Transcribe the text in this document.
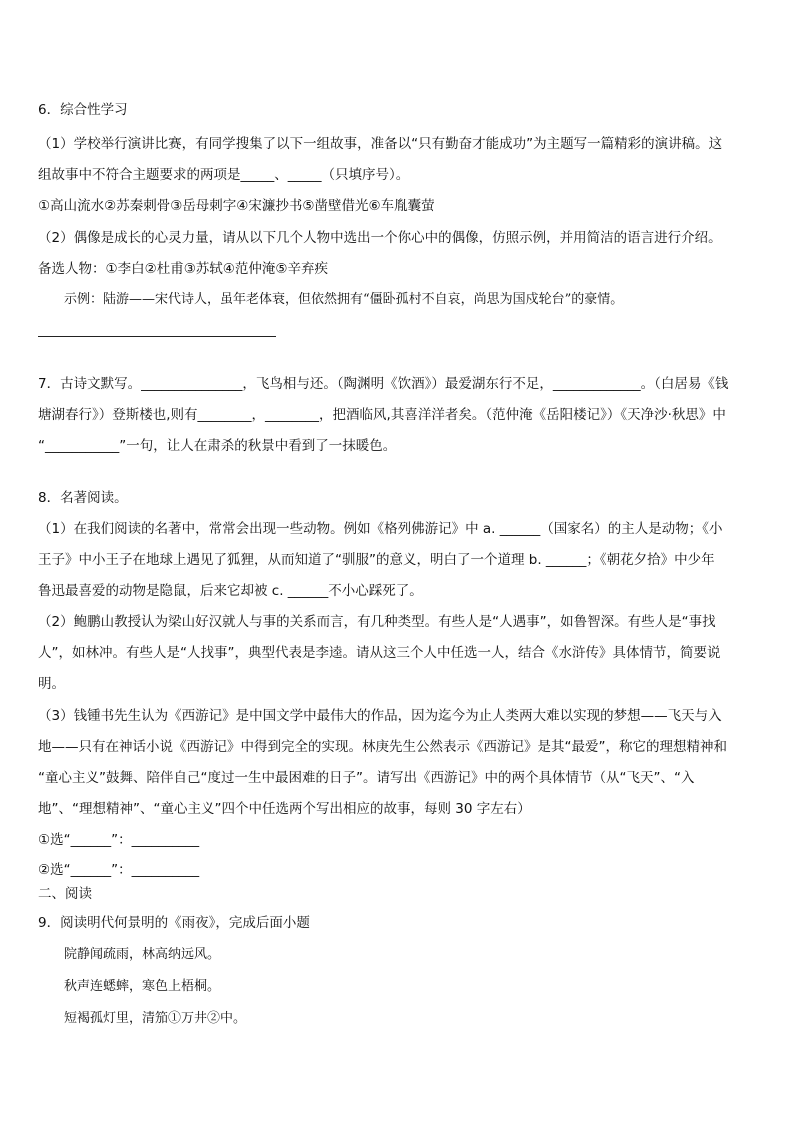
6．综合性学习
（1）学校举行演讲比赛，有同学搜集了以下一组故事，准备以“只有勤奋才能成功”为主题写一篇精彩的演讲稿。这
组故事中不符合主题要求的两项是_____、_____（只填序号）。
①高山流水②苏秦刺骨③岳母刺字④宋濂抄书⑤凿壁借光⑥车胤囊萤
（2）偶像是成长的心灵力量，请从以下几个人物中选出一个你心中的偶像，仿照示例，并用简洁的语言进行介绍。
备选人物：①李白②杜甫③苏轼④范仲淹⑤辛弃疾
示例：陆游——宋代诗人，虽年老体衰，但依然拥有“僵卧孤村不自哀，尚思为国戍轮台”的豪情。
7．古诗文默写。_______________，飞鸟相与还。（陶渊明《饮酒》）最爱湖东行不足，_____________。（白居易《钱
塘湖春行》）登斯楼也,则有________，________，把酒临风,其喜洋洋者矣。（范仲淹《岳阳楼记》）《天净沙·秋思》中
“___________”一句，让人在肃杀的秋景中看到了一抹暖色。
8．名著阅读。
（1）在我们阅读的名著中，常常会出现一些动物。例如《格列佛游记》中 a. ______（国家名）的主人是动物；《小
王子》中小王子在地球上遇见了狐狸，从而知道了“驯服”的意义，明白了一个道理 b. ______；《朝花夕拾》中少年
鲁迅最喜爱的动物是隐鼠，后来它却被 c. ______不小心踩死了。
（2）鲍鹏山教授认为梁山好汉就人与事的关系而言，有几种类型。有些人是“人遇事”，如鲁智深。有些人是“事找
人”，如林冲。有些人是“人找事”，典型代表是李逵。请从这三个人中任选一人，结合《水浒传》具体情节，简要说
明。
（3）钱锺书先生认为《西游记》是中国文学中最伟大的作品，因为迄今为止人类两大难以实现的梦想——飞天与入
地——只有在神话小说《西游记》中得到完全的实现。林庚先生公然表示《西游记》是其“最爱”，称它的理想精神和
“童心主义”鼓舞、陪伴自己“度过一生中最困难的日子”。请写出《西游记》中的两个具体情节（从“飞天”、“入
地”、“理想精神”、“童心主义”四个中任选两个写出相应的故事，每则 30 字左右）
①选“______”：__________
②选“______”：__________
二、阅读
9．阅读明代何景明的《雨夜》，完成后面小题
院静闻疏雨，林高纳远风。
秋声连蟋蟀，寒色上梧桐。
短褐孤灯里，清笳①万井②中。
